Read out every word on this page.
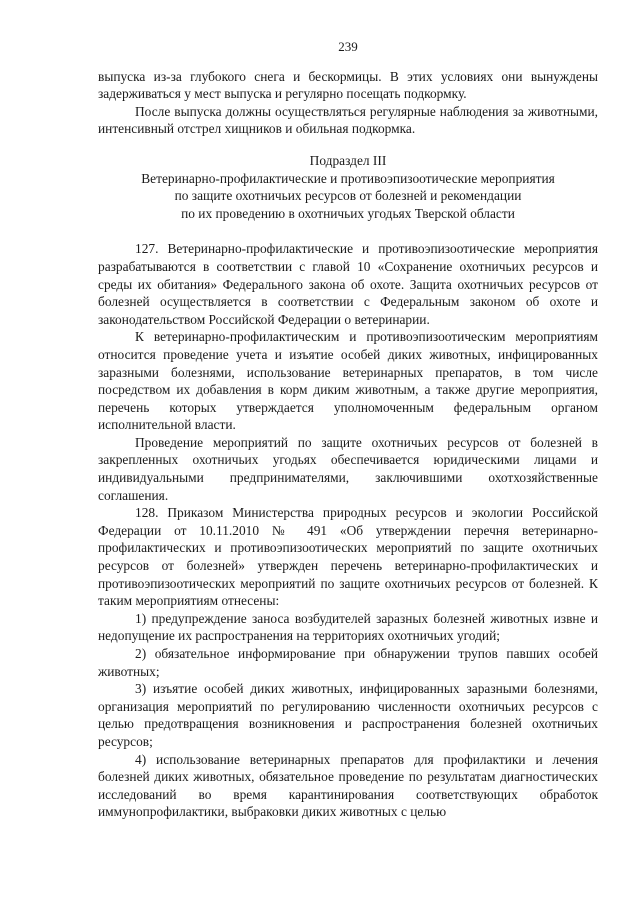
239

выпуска из-за глубокого снега и бескормицы. В этих условиях они вынуждены задерживаться у мест выпуска и регулярно посещать подкормку.

После выпуска должны осуществляться регулярные наблюдения за животными, интенсивный отстрел хищников и обильная подкормка.

Подраздел III
Ветеринарно-профилактические и противоэпизоотические мероприятия
по защите охотничьих ресурсов от болезней и рекомендации
по их проведению в охотничьих угодьях Тверской области

127. Ветеринарно-профилактические и противоэпизоотические мероприятия разрабатываются в соответствии с главой 10 «Сохранение охотничьих ресурсов и среды их обитания» Федерального закона об охоте. Защита охотничьих ресурсов от болезней осуществляется в соответствии с Федеральным законом об охоте и законодательством Российской Федерации о ветеринарии.

К ветеринарно-профилактическим и противоэпизоотическим мероприятиям относится проведение учета и изъятие особей диких животных, инфицированных заразными болезнями, использование ветеринарных препаратов, в том числе посредством их добавления в корм диким животным, а также другие мероприятия, перечень которых утверждается уполномоченным федеральным органом исполнительной власти.

Проведение мероприятий по защите охотничьих ресурсов от болезней в закрепленных охотничьих угодьях обеспечивается юридическими лицами и индивидуальными предпринимателями, заключившими охотхозяйственные соглашения.

128. Приказом Министерства природных ресурсов и экологии Российской Федерации от 10.11.2010 № 491 «Об утверждении перечня ветеринарно-профилактических и противоэпизоотических мероприятий по защите охотничьих ресурсов от болезней» утвержден перечень ветеринарно-профилактических и противоэпизоотических мероприятий по защите охотничьих ресурсов от болезней. К таким мероприятиям отнесены:

1) предупреждение заноса возбудителей заразных болезней животных извне и недопущение их распространения на территориях охотничьих угодий;

2) обязательное информирование при обнаружении трупов павших особей животных;

3) изъятие особей диких животных, инфицированных заразными болезнями, организация мероприятий по регулированию численности охотничьих ресурсов с целью предотвращения возникновения и распространения болезней охотничьих ресурсов;

4) использование ветеринарных препаратов для профилактики и лечения болезней диких животных, обязательное проведение по результатам диагностических исследований во время карантинирования соответствующих обработок иммунопрофилактики, выбраковки диких животных с целью
